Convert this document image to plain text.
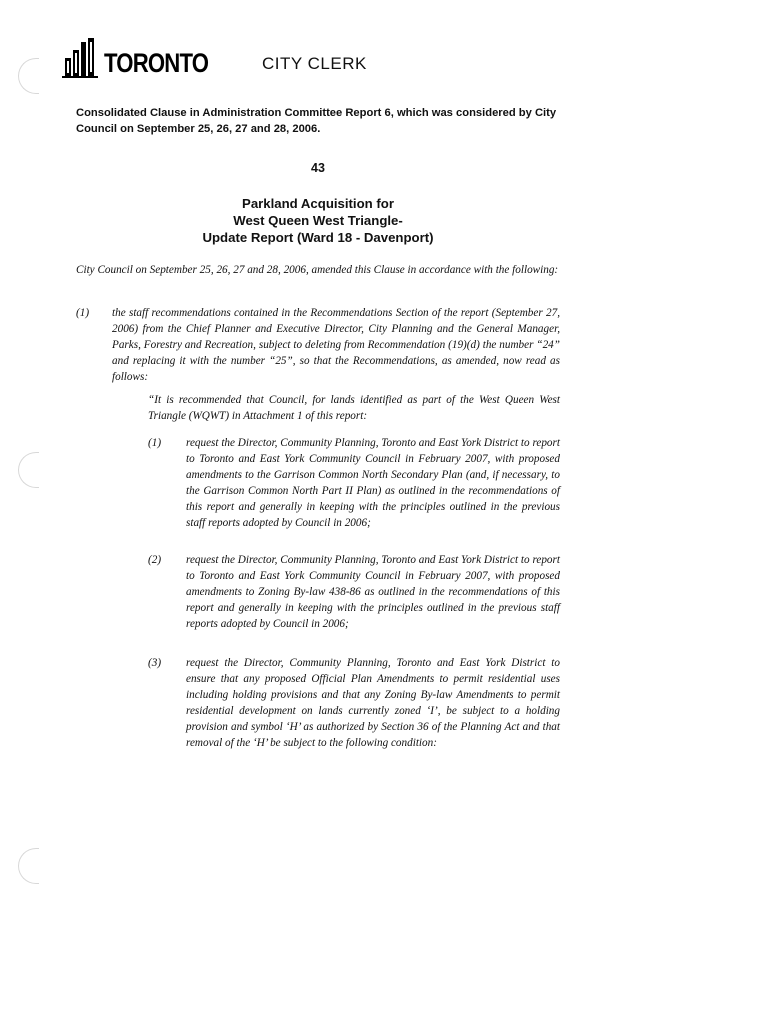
TORONTO	CITY CLERK
Consolidated Clause in Administration Committee Report 6, which was considered by City Council on September 25, 26, 27 and 28, 2006.
43
Parkland Acquisition for
West Queen West Triangle-
Update Report (Ward 18 - Davenport)
City Council on September 25, 26, 27 and 28, 2006, amended this Clause in accordance with the following:
(1) the staff recommendations contained in the Recommendations Section of the report (September 27, 2006) from the Chief Planner and Executive Director, City Planning and the General Manager, Parks, Forestry and Recreation, subject to deleting from Recommendation (19)(d) the number “24” and replacing it with the number “25”, so that the Recommendations, as amended, now read as follows:
“It is recommended that Council, for lands identified as part of the West Queen West Triangle (WQWT) in Attachment 1 of this report:
(1) request the Director, Community Planning, Toronto and East York District to report to Toronto and East York Community Council in February 2007, with proposed amendments to the Garrison Common North Secondary Plan (and, if necessary, to the Garrison Common North Part II Plan) as outlined in the recommendations of this report and generally in keeping with the principles outlined in the previous staff reports adopted by Council in 2006;
(2) request the Director, Community Planning, Toronto and East York District to report to Toronto and East York Community Council in February 2007, with proposed amendments to Zoning By-law 438-86 as outlined in the recommendations of this report and generally in keeping with the principles outlined in the previous staff reports adopted by Council in 2006;
(3) request the Director, Community Planning, Toronto and East York District to ensure that any proposed Official Plan Amendments to permit residential uses including holding provisions and that any Zoning By-law Amendments to permit residential development on lands currently zoned ‘I’, be subject to a holding provision and symbol ‘H’ as authorized by Section 36 of the Planning Act and that removal of the ‘H’ be subject to the following condition:
